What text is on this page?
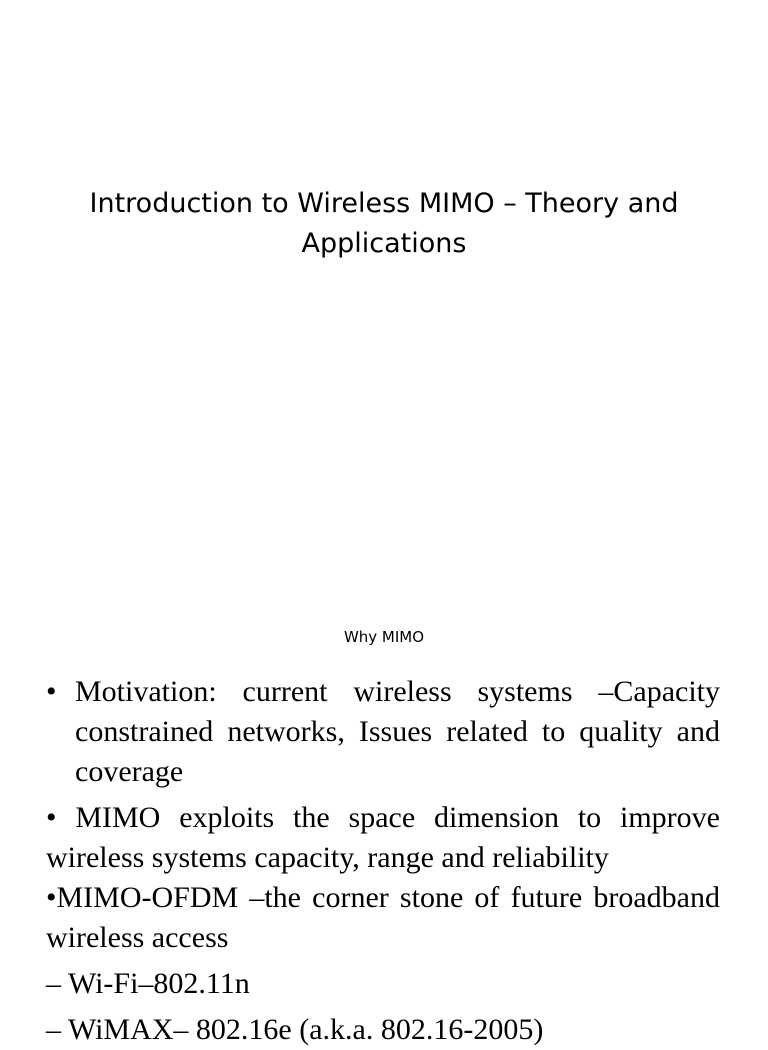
Introduction to Wireless MIMO – Theory and Applications
Why MIMO
• Motivation: current wireless systems –Capacity constrained networks, Issues related to quality and coverage

• MIMO exploits the space dimension to improve wireless systems capacity, range and reliability

•MIMO-OFDM –the corner stone of future broadband wireless access

– Wi-Fi–802.11n

– WiMAX– 802.16e (a.k.a. 802.16-2005)
